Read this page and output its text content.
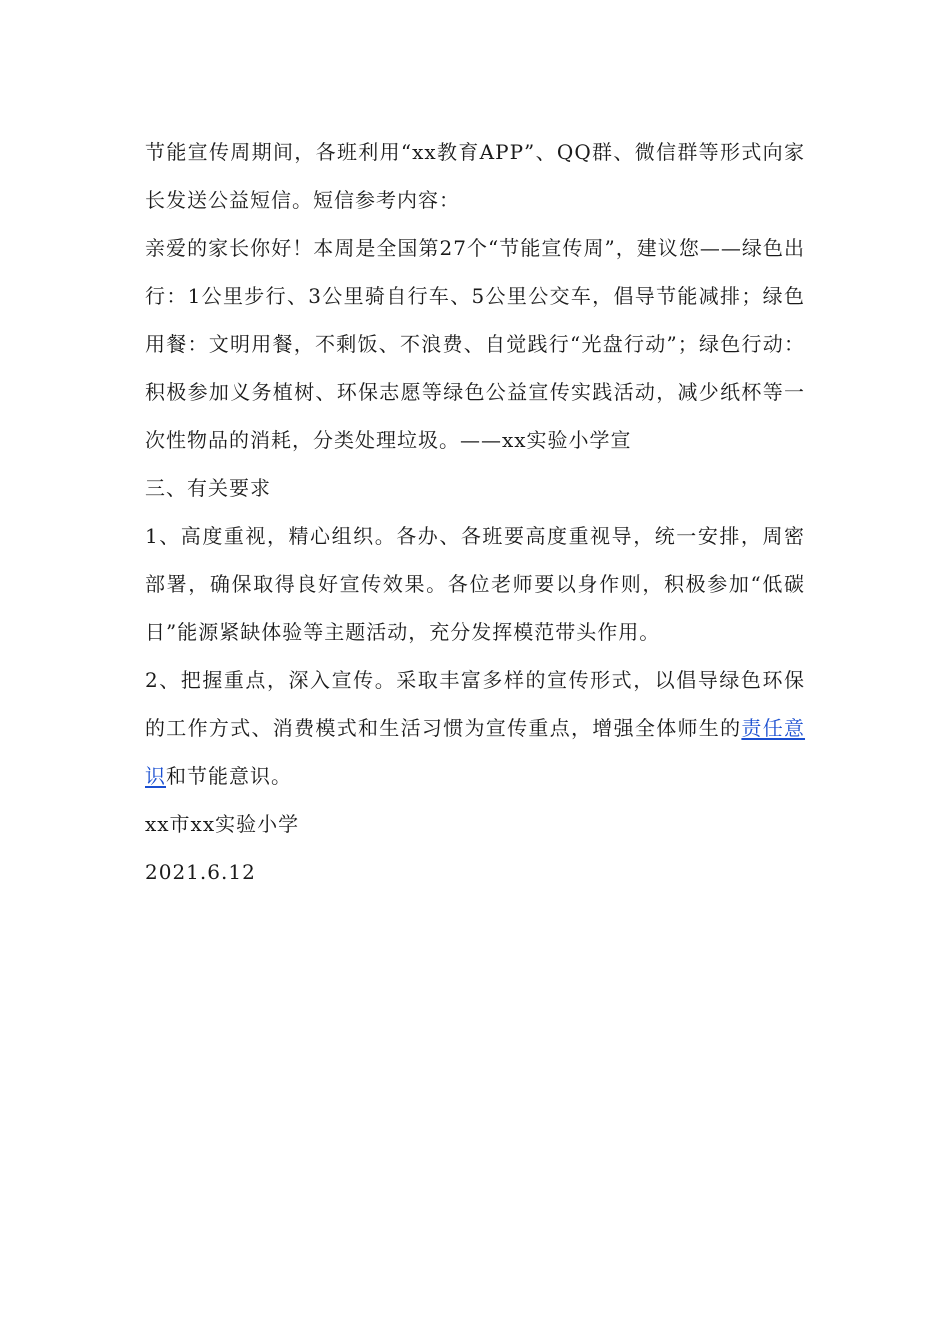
节能宣传周期间，各班利用“xx教育APP”、QQ群、微信群等形式向家长发送公益短信。短信参考内容：

亲爱的家长你好！本周是全国第27个“节能宣传周”，建议您——绿色出行：1公里步行、3公里骑自行车、5公里公交车，倡导节能减排；绿色用餐：文明用餐，不剩饭、不浪费、自觉践行“光盘行动”；绿色行动：积极参加义务植树、环保志愿等绿色公益宣传实践活动，减少纸杯等一次性物品的消耗，分类处理垃圾。——xx实验小学宣

三、有关要求

1、高度重视，精心组织。各办、各班要高度重视导，统一安排，周密部署，确保取得良好宣传效果。各位老师要以身作则，积极参加“低碳日”能源紧缺体验等主题活动，充分发挥模范带头作用。

2、把握重点，深入宣传。采取丰富多样的宣传形式，以倡导绿色环保的工作方式、消费模式和生活习惯为宣传重点，增强全体师生的责任意识和节能意识。

xx市xx实验小学

2021.6.12
